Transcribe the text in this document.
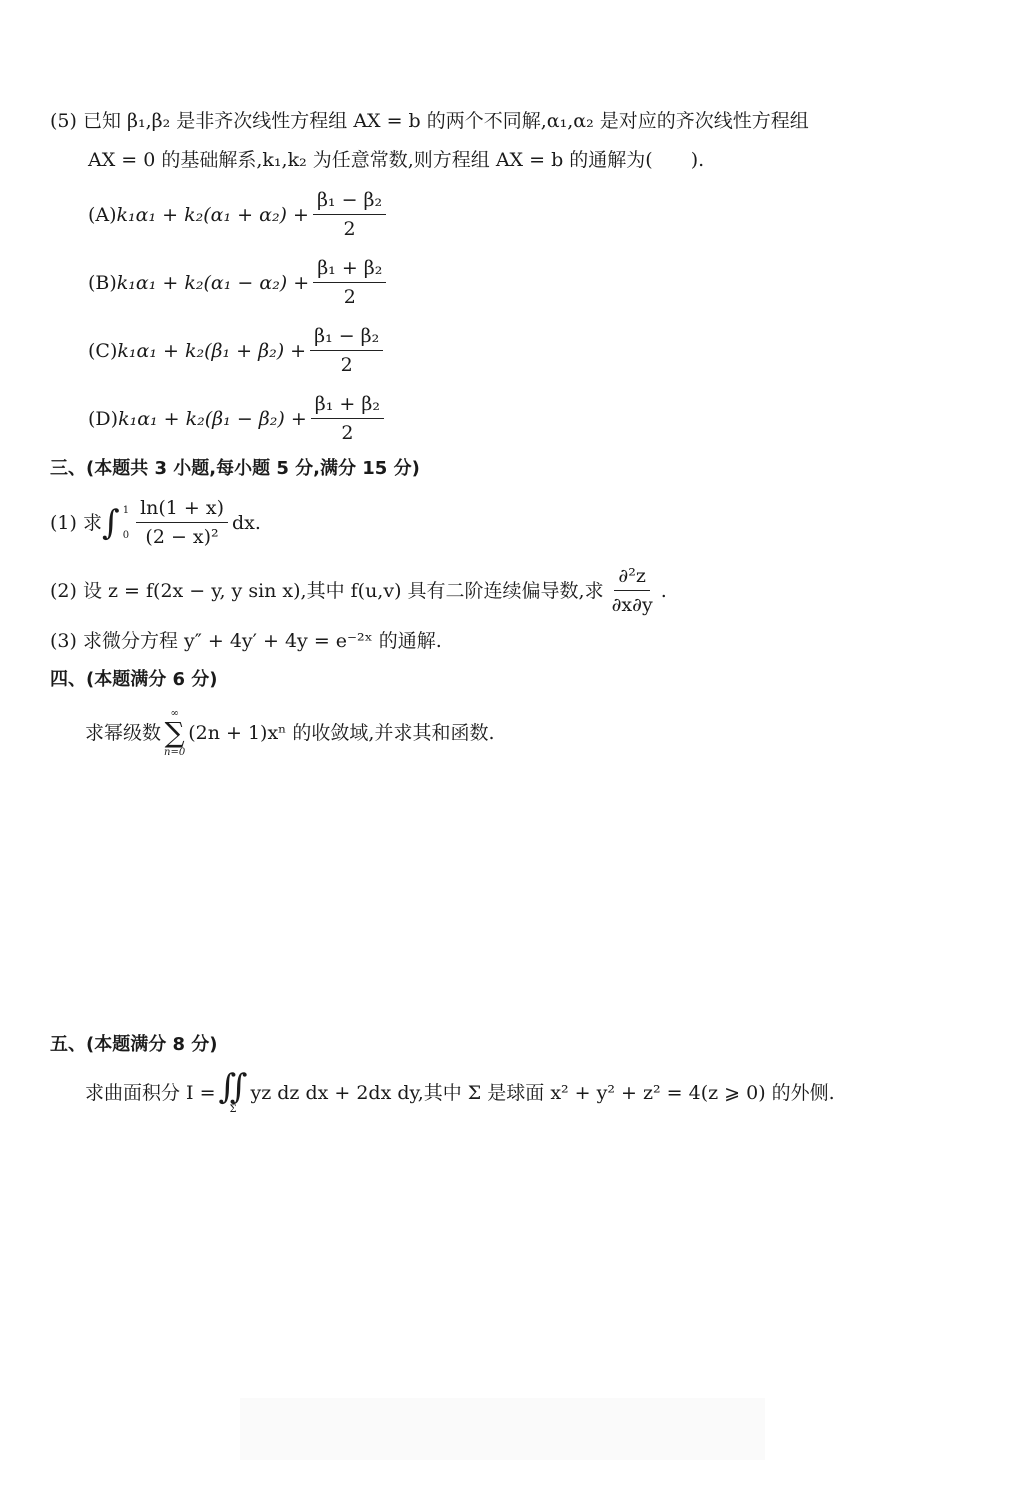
(5) 已知 β₁,β₂ 是非齐次线性方程组 AX = b 的两个不同解,α₁,α₂ 是对应的齐次线性方程组
AX = 0 的基础解系,k₁,k₂ 为任意常数,则方程组 AX = b 的通解为(　　).
(A) $k_1\alpha_1 + k_2(\alpha_1 + \alpha_2) + \frac{\text{β₁ − β₂}}{2}$
(B) $k_1\alpha_1 + k_2(\alpha_1 - \alpha_2) + \frac{\text{β₁ + β₂}}{2}$
(C) $k_1\alpha_1 + k_2(\beta_1 + \beta_2) + \frac{\text{β₁ − β₂}}{2}$
(D) $k_1\alpha_1 + k_2(\beta_1 - \beta_2) + \frac{\text{β₁ + β₂}}{2}$
三、(本题共 3 小题,每小题 5 分,满分 15 分)
(1) 求 ∫ 1
$0 \frac{\ln(1 + x)}{\text{(2 − x)²}}$ dx.
(2) 设 z = f(2x − y, y sin x),其中 f(u,v) 具有二阶连续偏导数,求 $\frac{\text{∂²z}}{\partial x\partial y}$ .
(3) 求微分方程 y″ + 4y′ + 4y = e⁻²ˣ 的通解.
四、(本题满分 6 分)
求幂级数
∞
∑
n=0
(2n + 1)xⁿ 的收敛域,并求其和函数.
五、(本题满分 8 分)
求曲面积分 I = ∬
Σ
yz dz dx + 2dx dy,其中 Σ 是球面 x² + y² + z² = 4(z ⩾ 0) 的外侧.
